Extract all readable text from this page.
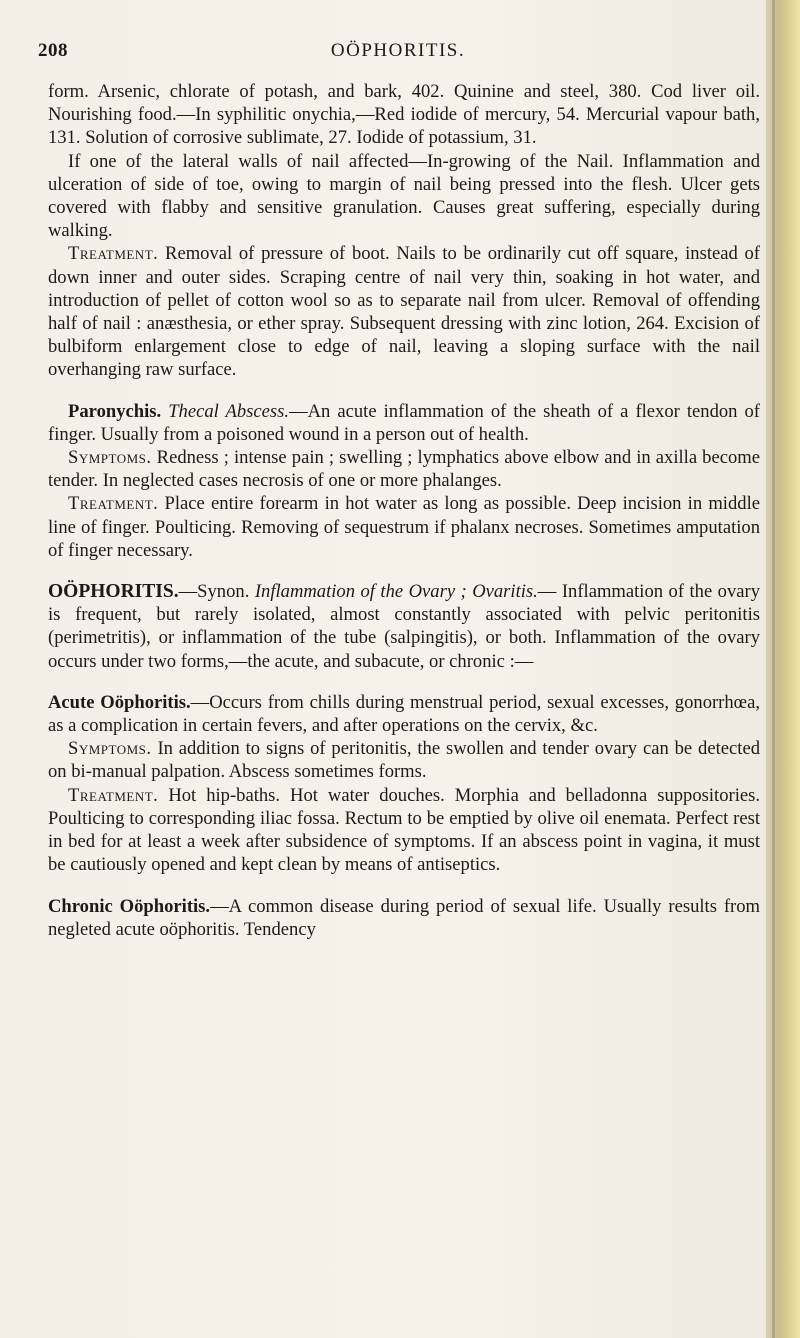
208	OÖPHORITIS.

form. Arsenic, chlorate of potash, and bark, 402. Quinine and steel, 380. Cod liver oil. Nourishing food.—In syphilitic onychia,—Red iodide of mercury, 54. Mercurial vapour bath, 131. Solution of corrosive sublimate, 27. Iodide of potassium, 31.

If one of the lateral walls of nail affected—In-growing of the Nail. Inflammation and ulceration of side of toe, owing to margin of nail being pressed into the flesh. Ulcer gets covered with flabby and sensitive granulation. Causes great suffering, especially during walking.

Treatment. Removal of pressure of boot. Nails to be ordinarily cut off square, instead of down inner and outer sides. Scraping centre of nail very thin, soaking in hot water, and introduction of pellet of cotton wool so as to separate nail from ulcer. Removal of offending half of nail : anæsthesia, or ether spray. Subsequent dressing with zinc lotion, 264. Excision of bulbiform enlargement close to edge of nail, leaving a sloping surface with the nail overhanging raw surface.

Paronychis. Thecal Abscess.—An acute inflammation of the sheath of a flexor tendon of finger. Usually from a poisoned wound in a person out of health.

Symptoms. Redness ; intense pain ; swelling ; lymphatics above elbow and in axilla become tender. In neglected cases necrosis of one or more phalanges.

Treatment. Place entire forearm in hot water as long as possible. Deep incision in middle line of finger. Poulticing. Removing of sequestrum if phalanx necroses. Sometimes amputation of finger necessary.

OÖPHORITIS.—Synon. Inflammation of the Ovary ; Ovaritis.— Inflammation of the ovary is frequent, but rarely isolated, almost constantly associated with pelvic peritonitis (perimetritis), or inflammation of the tube (salpingitis), or both. Inflammation of the ovary occurs under two forms,—the acute, and subacute, or chronic :—

Acute Oöphoritis.—Occurs from chills during menstrual period, sexual excesses, gonorrhœa, as a complication in certain fevers, and after operations on the cervix, &c.

Symptoms. In addition to signs of peritonitis, the swollen and tender ovary can be detected on bi-manual palpation. Abscess sometimes forms.

Treatment. Hot hip-baths. Hot water douches. Morphia and belladonna suppositories. Poulticing to corresponding iliac fossa. Rectum to be emptied by olive oil enemata. Perfect rest in bed for at least a week after subsidence of symptoms. If an abscess point in vagina, it must be cautiously opened and kept clean by means of antiseptics.

Chronic Oöphoritis.—A common disease during period of sexual life. Usually results from negleted acute oöphoritis. Tendency
